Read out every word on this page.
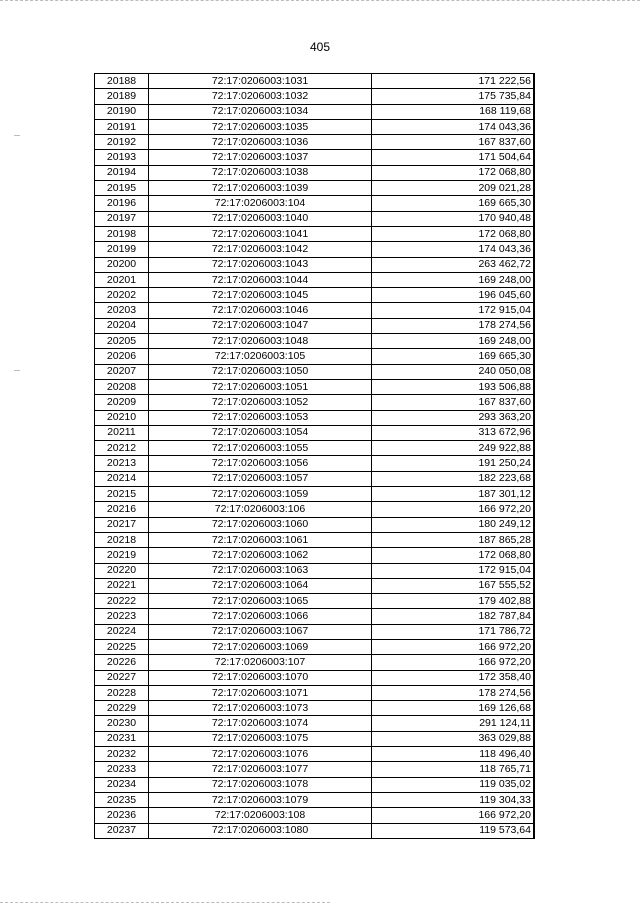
405
20188	72:17:0206003:1031	171 222,56
20189	72:17:0206003:1032	175 735,84
20190	72:17:0206003:1034	168 119,68
20191	72:17:0206003:1035	174 043,36
20192	72:17:0206003:1036	167 837,60
20193	72:17:0206003:1037	171 504,64
20194	72:17:0206003:1038	172 068,80
20195	72:17:0206003:1039	209 021,28
20196	72:17:0206003:104	169 665,30
20197	72:17:0206003:1040	170 940,48
20198	72:17:0206003:1041	172 068,80
20199	72:17:0206003:1042	174 043,36
20200	72:17:0206003:1043	263 462,72
20201	72:17:0206003:1044	169 248,00
20202	72:17:0206003:1045	196 045,60
20203	72:17:0206003:1046	172 915,04
20204	72:17:0206003:1047	178 274,56
20205	72:17:0206003:1048	169 248,00
20206	72:17:0206003:105	169 665,30
20207	72:17:0206003:1050	240 050,08
20208	72:17:0206003:1051	193 506,88
20209	72:17:0206003:1052	167 837,60
20210	72:17:0206003:1053	293 363,20
20211	72:17:0206003:1054	313 672,96
20212	72:17:0206003:1055	249 922,88
20213	72:17:0206003:1056	191 250,24
20214	72:17:0206003:1057	182 223,68
20215	72:17:0206003:1059	187 301,12
20216	72:17:0206003:106	166 972,20
20217	72:17:0206003:1060	180 249,12
20218	72:17:0206003:1061	187 865,28
20219	72:17:0206003:1062	172 068,80
20220	72:17:0206003:1063	172 915,04
20221	72:17:0206003:1064	167 555,52
20222	72:17:0206003:1065	179 402,88
20223	72:17:0206003:1066	182 787,84
20224	72:17:0206003:1067	171 786,72
20225	72:17:0206003:1069	166 972,20
20226	72:17:0206003:107	166 972,20
20227	72:17:0206003:1070	172 358,40
20228	72:17:0206003:1071	178 274,56
20229	72:17:0206003:1073	169 126,68
20230	72:17:0206003:1074	291 124,11
20231	72:17:0206003:1075	363 029,88
20232	72:17:0206003:1076	118 496,40
20233	72:17:0206003:1077	118 765,71
20234	72:17:0206003:1078	119 035,02
20235	72:17:0206003:1079	119 304,33
20236	72:17:0206003:108	166 972,20
20237	72:17:0206003:1080	119 573,64
